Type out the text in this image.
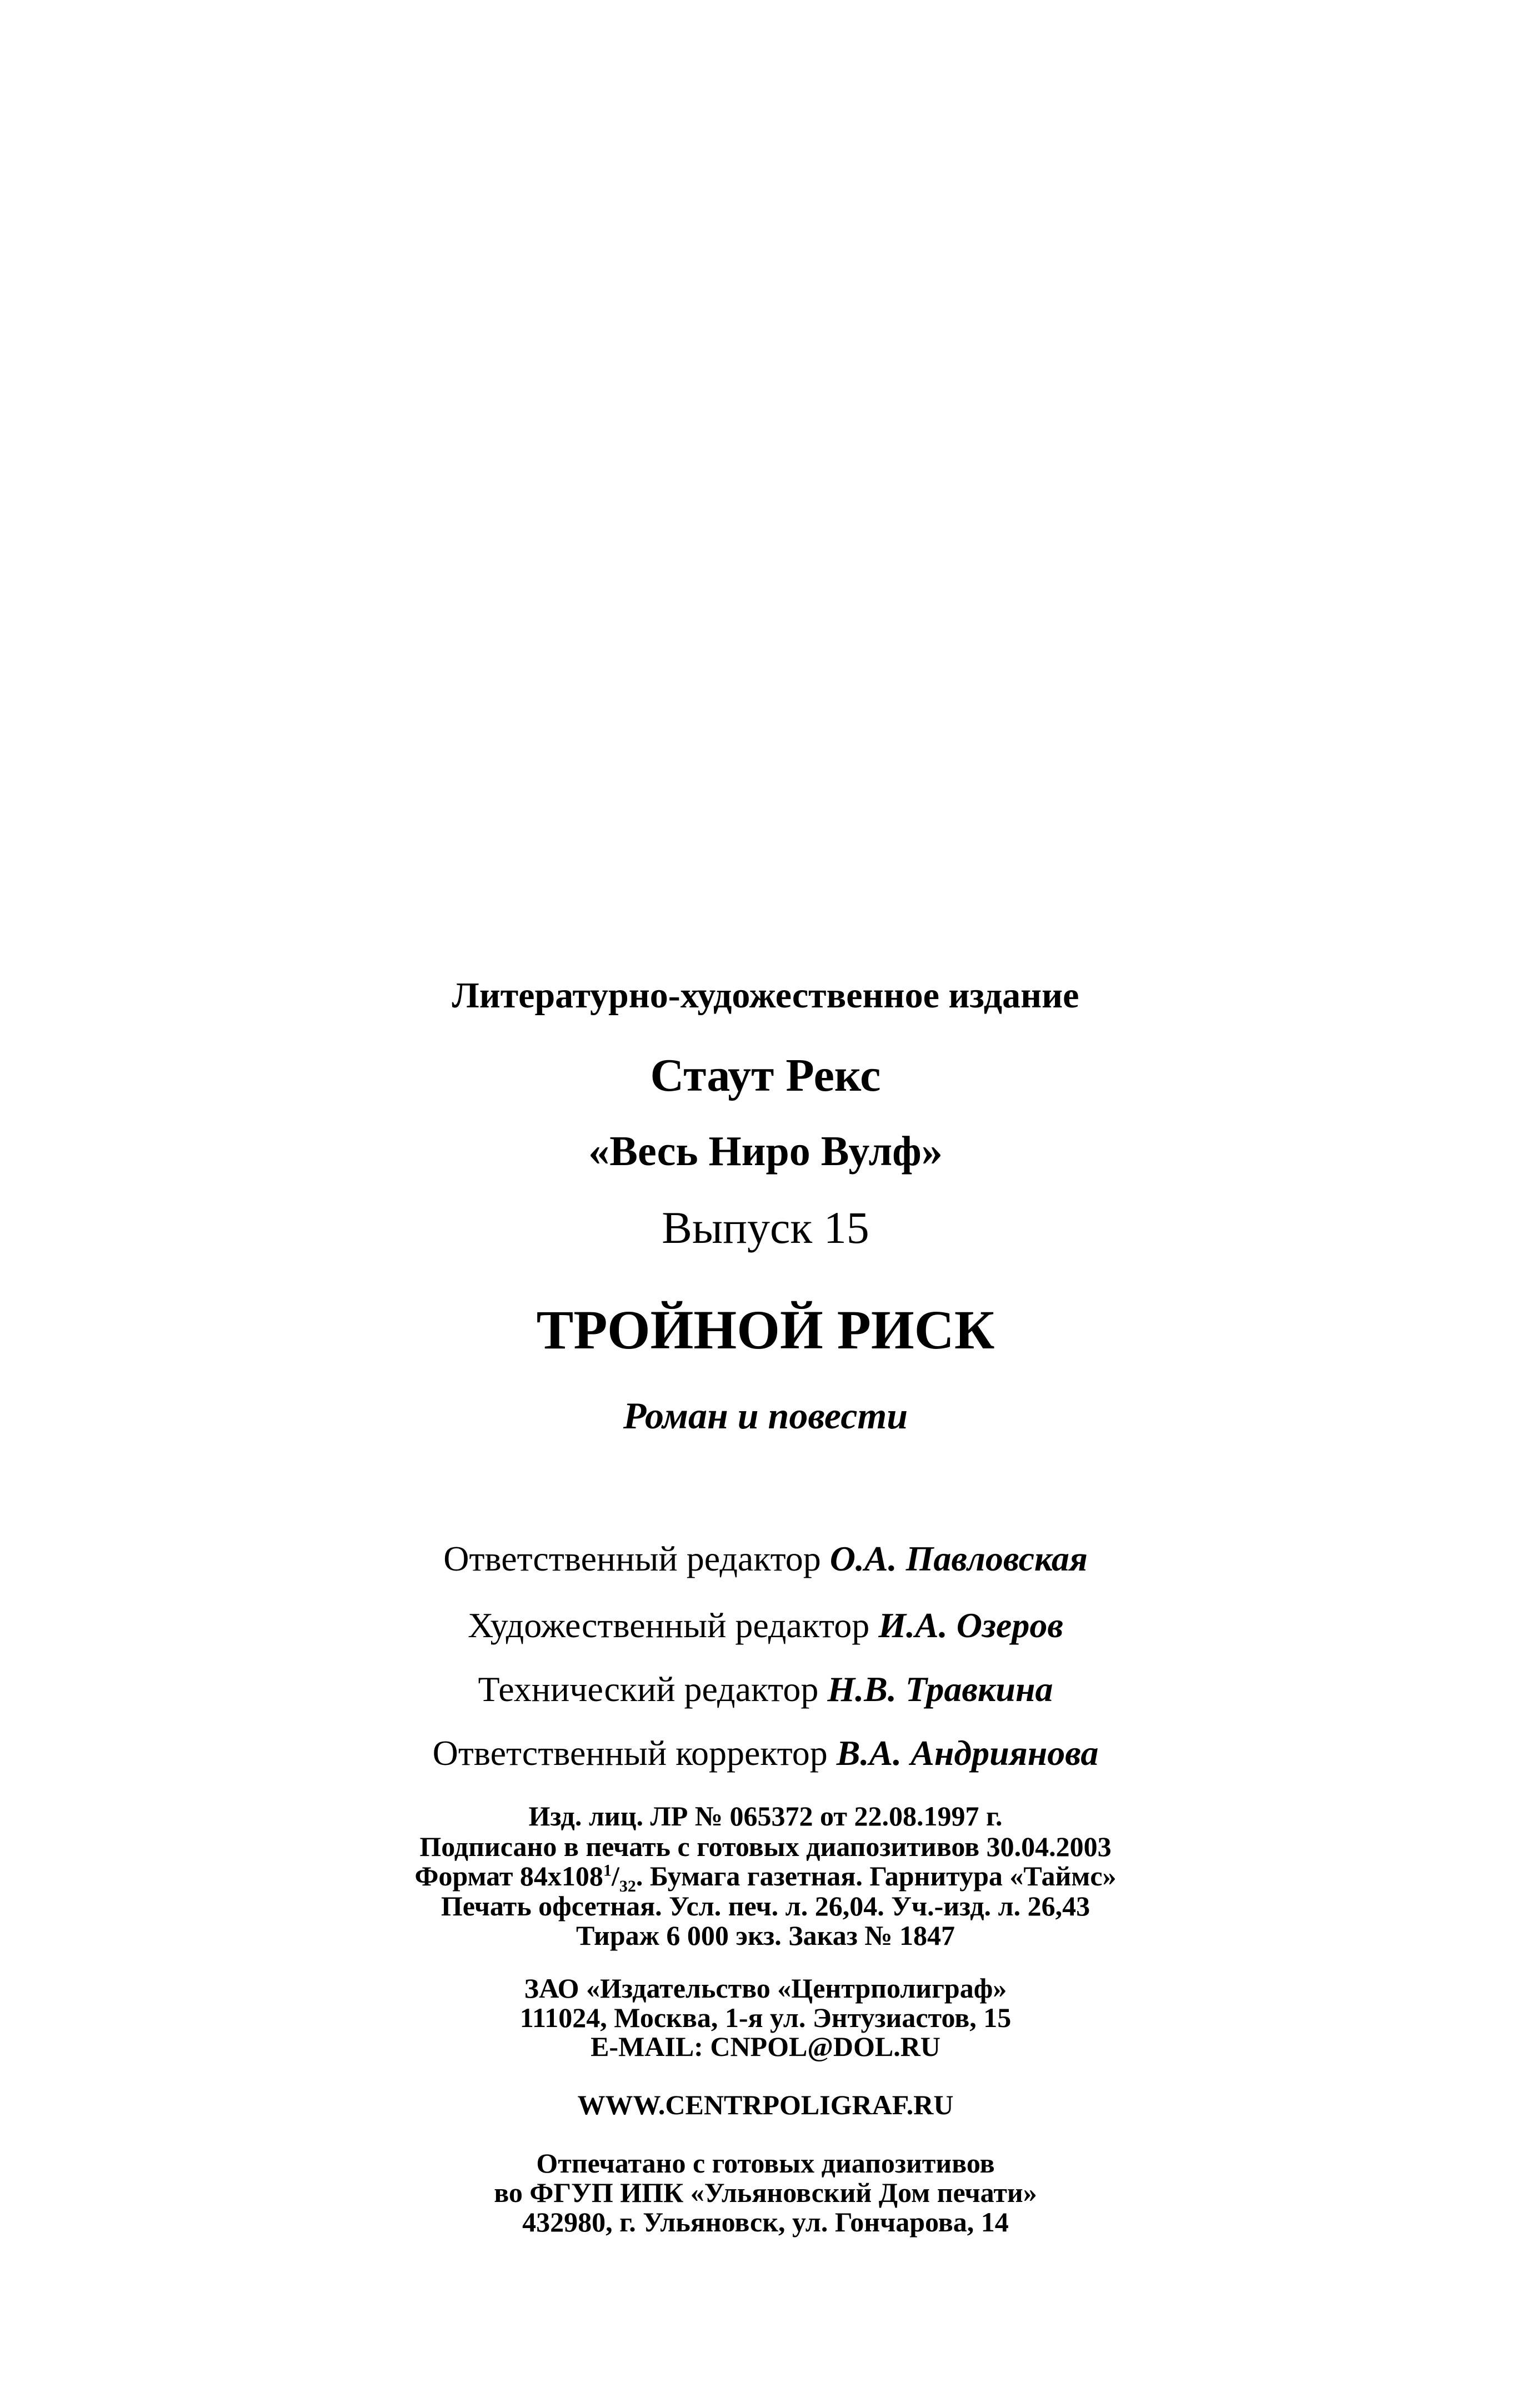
Литературно-художественное издание
Стаут Рекс
«Весь Ниро Вулф»
Выпуск 15
ТРОЙНОЙ РИСК
Роман и повести
Ответственный редактор О.А. Павловская
Художественный редактор И.А. Озеров
Технический редактор Н.В. Травкина
Ответственный корректор В.А. Андриянова
Изд. лиц. ЛР № 065372 от 22.08.1997 г.
Подписано в печать с готовых диапозитивов 30.04.2003
Формат $84x108^1/_{32}$. Бумага газетная. Гарнитура «Таймс»
Печать офсетная. Усл. печ. л. 26,04. Уч.-изд. л. 26,43
Тираж 6 000 экз. Заказ № 1847
ЗАО «Издательство «Центрполиграф»
111024, Москва, 1-я ул. Энтузиастов, 15
E-MAIL: CNPOL@DOL.RU
WWW.CENTRPOLIGRAF.RU
Отпечатано с готовых диапозитивов
во ФГУП ИПК «Ульяновский Дом печати»
432980, г. Ульяновск, ул. Гончарова, 14
